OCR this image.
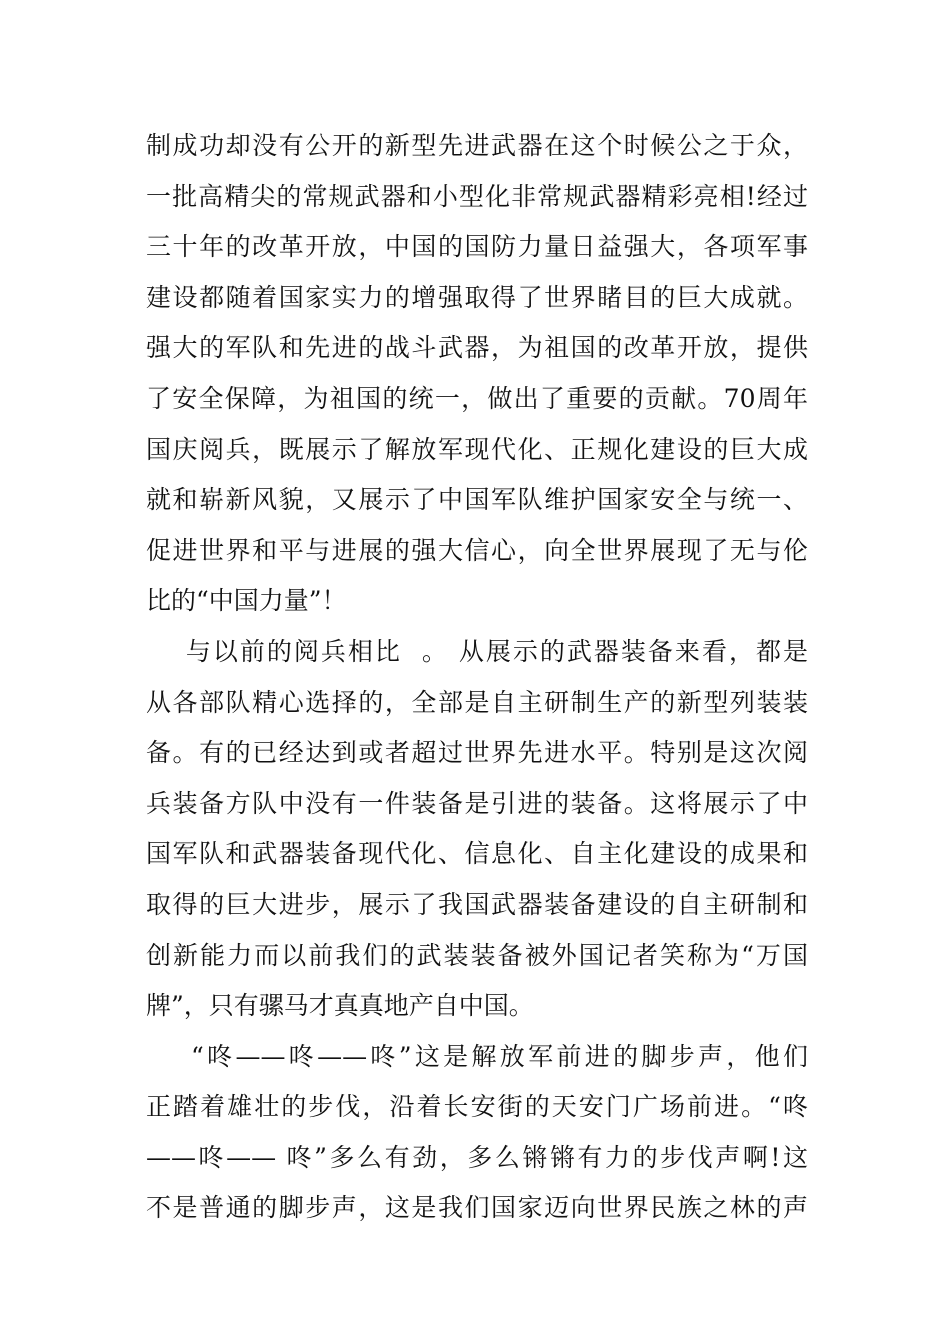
制成功却没有公开的新型先进武器在这个时候公之于众，
一批高精尖的常规武器和小型化非常规武器精彩亮相!经过
三十年的改革开放，中国的国防力量日益强大，各项军事
建设都随着国家实力的增强取得了世界睹目的巨大成就。
强大的军队和先进的战斗武器，为祖国的改革开放，提供
了安全保障，为祖国的统一，做出了重要的贡献。70周年
国庆阅兵，既展示了解放军现代化、正规化建设的巨大成
就和崭新风貌，又展示了中国军队维护国家安全与统一、
促进世界和平与进展的强大信心，向全世界展现了无与伦
比的“中国力量”！
与以前的阅兵相比  。 从展示的武器装备来看，都是
从各部队精心选择的，全部是自主研制生产的新型列装装
备。有的已经达到或者超过世界先进水平。特别是这次阅
兵装备方队中没有一件装备是引进的装备。这将展示了中
国军队和武器装备现代化、信息化、自主化建设的成果和
取得的巨大进步，展示了我国武器装备建设的自主研制和
创新能力而以前我们的武装装备被外国记者笑称为“万国
牌”，只有骡马才真真地产自中国。
“咚——咚——咚”这是解放军前进的脚步声，他们
正踏着雄壮的步伐，沿着长安街的天安门广场前进。“咚
——咚—— 咚”多么有劲，多么锵锵有力的步伐声啊!这
不是普通的脚步声，这是我们国家迈向世界民族之林的声
